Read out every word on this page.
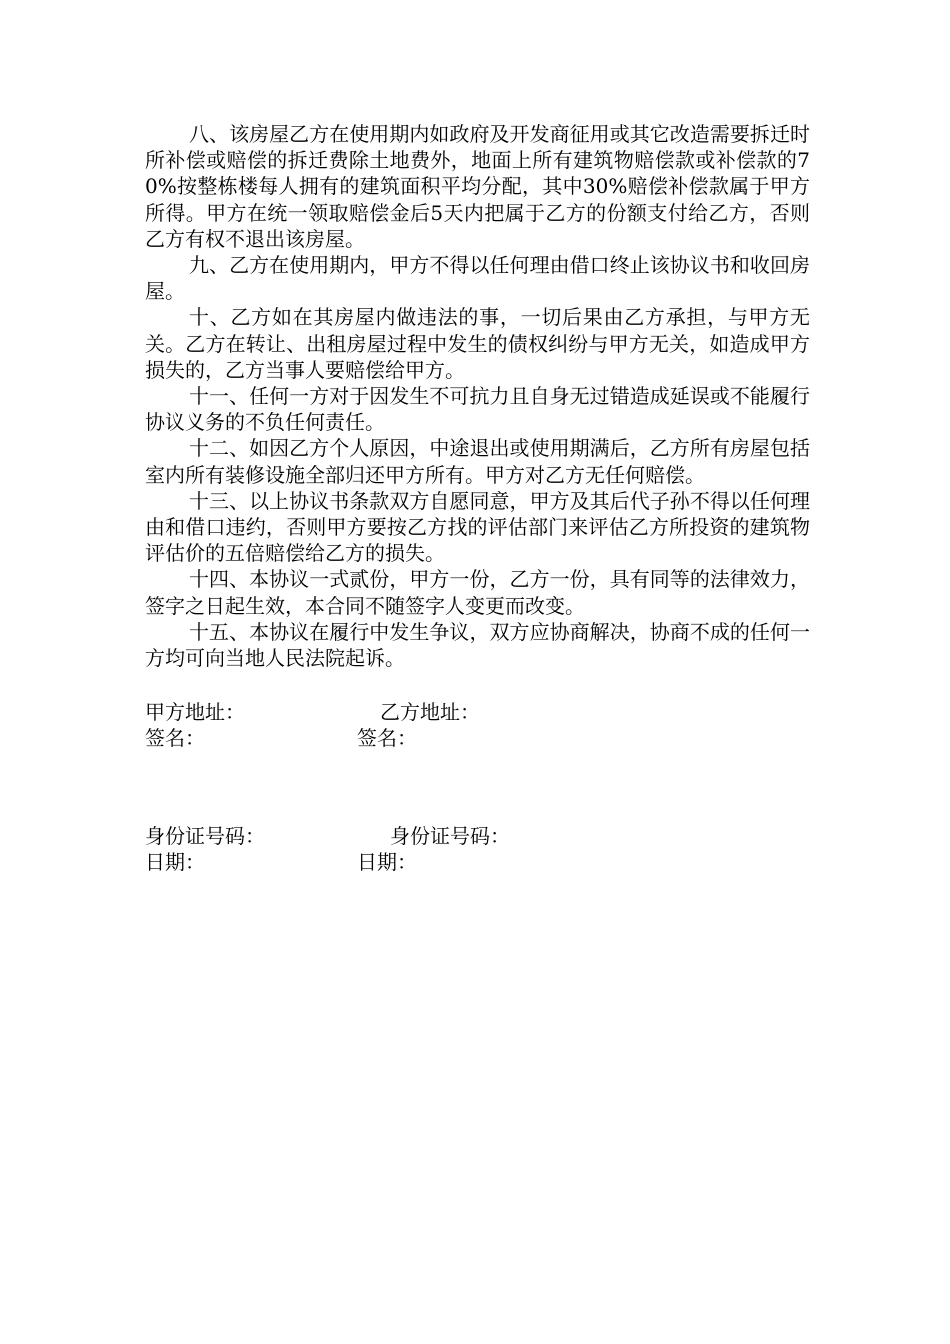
八、该房屋乙方在使用期内如政府及开发商征用或其它改造需要拆迁时所补偿或赔偿的拆迁费除土地费外，地面上所有建筑物赔偿款或补偿款的70%按整栋楼每人拥有的建筑面积平均分配，其中30%赔偿补偿款属于甲方所得。甲方在统一领取赔偿金后5天内把属于乙方的份额支付给乙方，否则乙方有权不退出该房屋。

九、乙方在使用期内，甲方不得以任何理由借口终止该协议书和收回房屋。

十、乙方如在其房屋内做违法的事，一切后果由乙方承担，与甲方无关。乙方在转让、出租房屋过程中发生的债权纠纷与甲方无关，如造成甲方损失的，乙方当事人要赔偿给甲方。

十一、任何一方对于因发生不可抗力且自身无过错造成延误或不能履行协议义务的不负任何责任。

十二、如因乙方个人原因，中途退出或使用期满后，乙方所有房屋包括室内所有装修设施全部归还甲方所有。甲方对乙方无任何赔偿。

十三、以上协议书条款双方自愿同意，甲方及其后代子孙不得以任何理由和借口违约，否则甲方要按乙方找的评估部门来评估乙方所投资的建筑物评估价的五倍赔偿给乙方的损失。

十四、本协议一式贰份，甲方一份，乙方一份，具有同等的法律效力，签字之日起生效，本合同不随签字人变更而改变。

十五、本协议在履行中发生争议，双方应协商解决，协商不成的任何一方均可向当地人民法院起诉。

甲方地址：	乙方地址：
签名：	签名：
身份证号码：	身份证号码：
日期：	日期：
